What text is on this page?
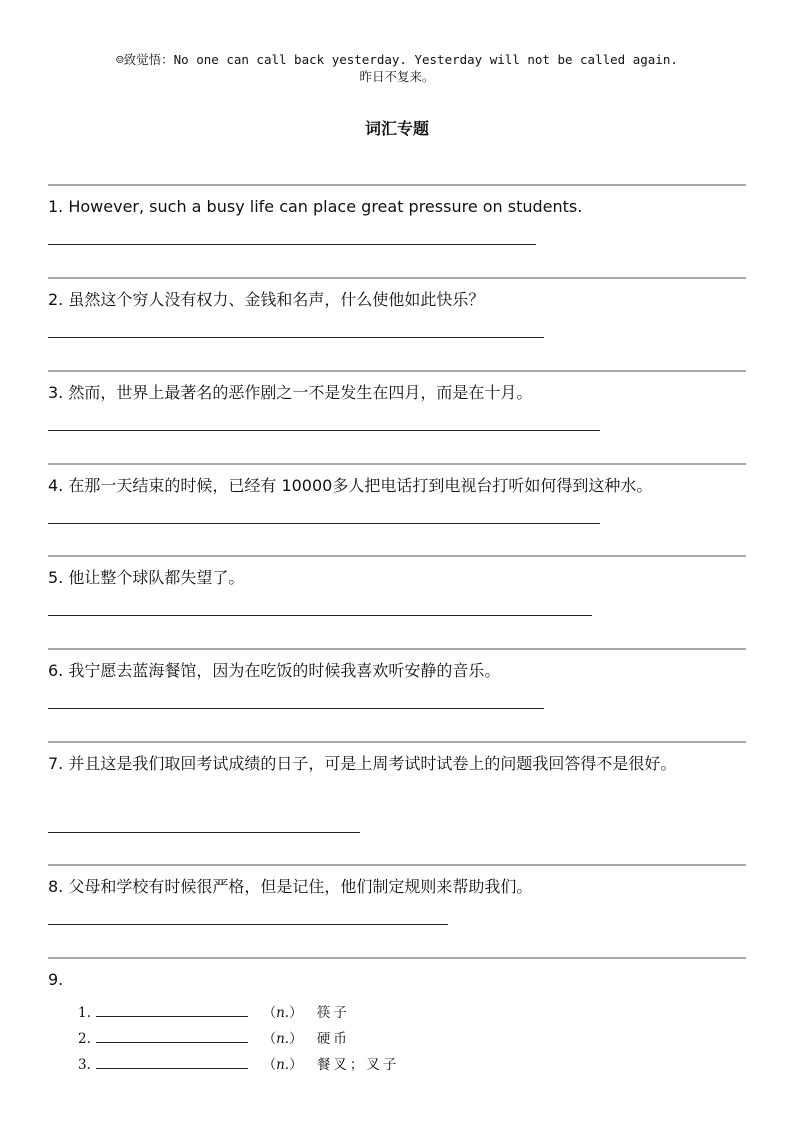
☺致觉悟：No one can call back yesterday. Yesterday will not be called again.
昨日不复来。
词汇专题
1. However, such a busy life can place great pressure on students.
2. 虽然这个穷人没有权力、金钱和名声，什么使他如此快乐？
3. 然而，世界上最著名的恶作剧之一不是发生在四月，而是在十月。
4. 在那一天结束的时候，已经有 10000多人把电话打到电视台打听如何得到这种水。
5. 他让整个球队都失望了。
6. 我宁愿去蓝海餐馆，因为在吃饭的时候我喜欢听安静的音乐。
7. 并且这是我们取回考试成绩的日子，可是上周考试时试卷上的问题我回答得不是很好。
8. 父母和学校有时候很严格，但是记住，他们制定规则来帮助我们。
9.
1.	（n.） 筷子
2.	（n.） 硬币
3.	（n.） 餐叉；叉子
